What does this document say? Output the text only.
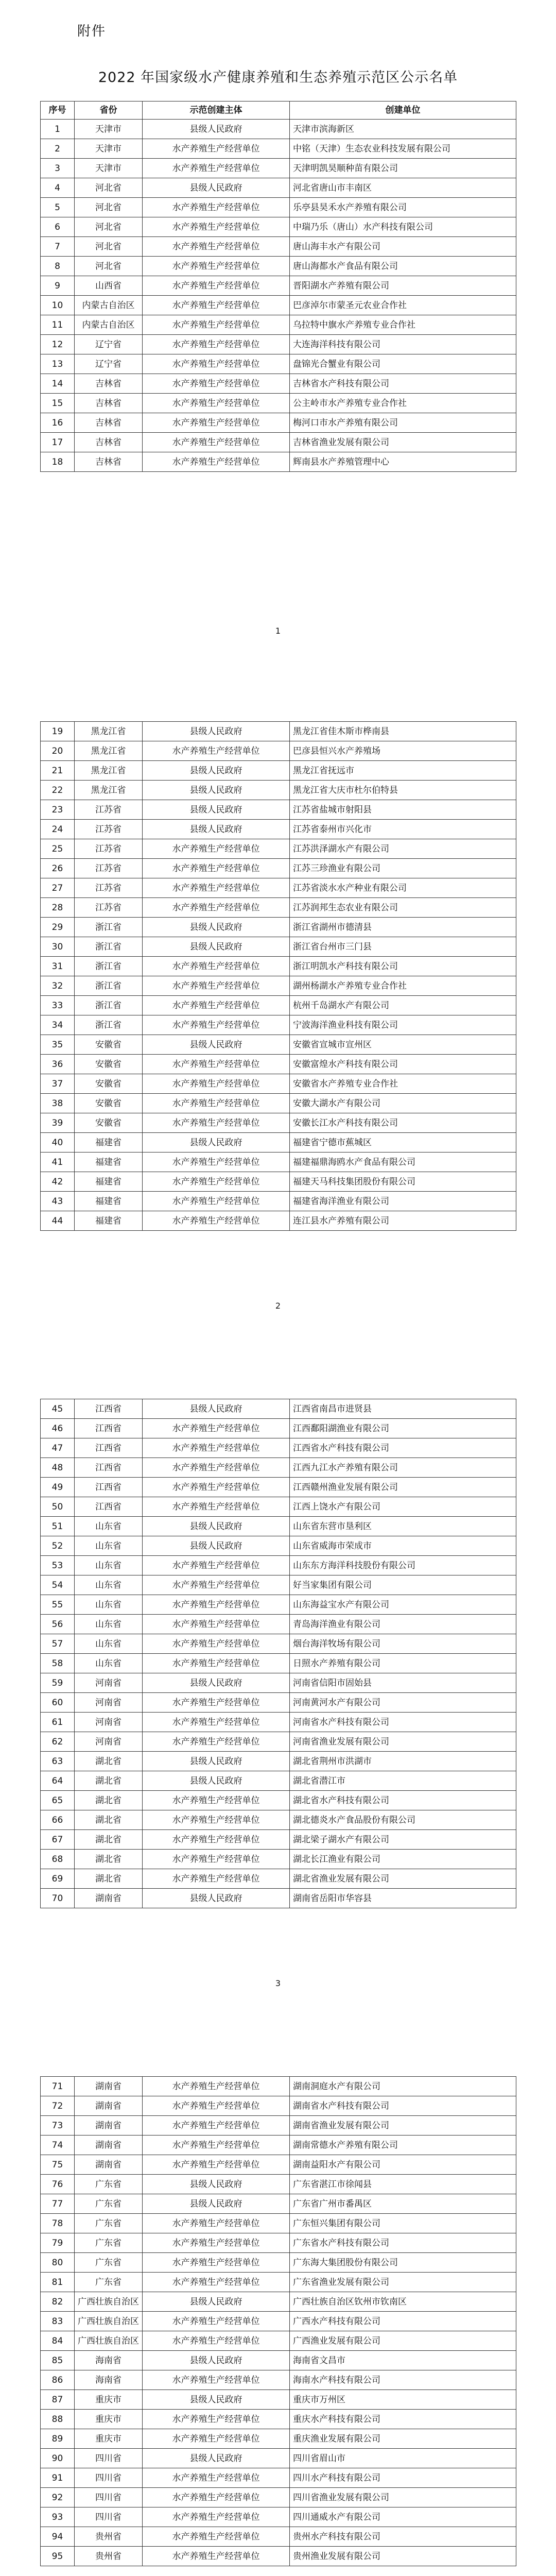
附件
2022 年国家级水产健康养殖和生态养殖示范区公示名单
序号	省份	示范创建主体	创建单位
1	天津市	县级人民政府	天津市滨海新区
2	天津市	水产养殖生产经营单位	中铭（天津）生态农业科技发展有限公司
3	天津市	水产养殖生产经营单位	天津明凯昊顺种苗有限公司
4	河北省	县级人民政府	河北省唐山市丰南区
5	河北省	水产养殖生产经营单位	乐亭县昊禾水产养殖有限公司
6	河北省	水产养殖生产经营单位	中瑞乃乐（唐山）水产科技有限公司
7	河北省	水产养殖生产经营单位	唐山海丰水产有限公司
8	河北省	水产养殖生产经营单位	唐山海都水产食品有限公司
9	山西省	水产养殖生产经营单位	晋阳湖水产养殖有限公司
10	内蒙古自治区	水产养殖生产经营单位	巴彦淖尔市蒙圣元农业合作社
11	内蒙古自治区	水产养殖生产经营单位	乌拉特中旗水产养殖专业合作社
12	辽宁省	水产养殖生产经营单位	大连海洋科技有限公司
13	辽宁省	水产养殖生产经营单位	盘锦光合蟹业有限公司
14	吉林省	水产养殖生产经营单位	吉林省水产科技有限公司
15	吉林省	水产养殖生产经营单位	公主岭市水产养殖专业合作社
16	吉林省	水产养殖生产经营单位	梅河口市水产养殖有限公司
17	吉林省	水产养殖生产经营单位	吉林省渔业发展有限公司
18	吉林省	水产养殖生产经营单位	辉南县水产养殖管理中心
1
19	黑龙江省	县级人民政府	黑龙江省佳木斯市桦南县
20	黑龙江省	水产养殖生产经营单位	巴彦县恒兴水产养殖场
21	黑龙江省	县级人民政府	黑龙江省抚远市
22	黑龙江省	县级人民政府	黑龙江省大庆市杜尔伯特县
23	江苏省	县级人民政府	江苏省盐城市射阳县
24	江苏省	县级人民政府	江苏省泰州市兴化市
25	江苏省	水产养殖生产经营单位	江苏洪泽湖水产有限公司
26	江苏省	水产养殖生产经营单位	江苏三珍渔业有限公司
27	江苏省	水产养殖生产经营单位	江苏省淡水水产种业有限公司
28	江苏省	水产养殖生产经营单位	江苏润邦生态农业有限公司
29	浙江省	县级人民政府	浙江省湖州市德清县
30	浙江省	县级人民政府	浙江省台州市三门县
31	浙江省	水产养殖生产经营单位	浙江明凯水产科技有限公司
32	浙江省	水产养殖生产经营单位	湖州杨湖水产养殖专业合作社
33	浙江省	水产养殖生产经营单位	杭州千岛湖水产有限公司
34	浙江省	水产养殖生产经营单位	宁波海洋渔业科技有限公司
35	安徽省	县级人民政府	安徽省宣城市宣州区
36	安徽省	水产养殖生产经营单位	安徽富煌水产科技有限公司
37	安徽省	水产养殖生产经营单位	安徽省水产养殖专业合作社
38	安徽省	水产养殖生产经营单位	安徽大湖水产有限公司
39	安徽省	水产养殖生产经营单位	安徽长江水产科技有限公司
40	福建省	县级人民政府	福建省宁德市蕉城区
41	福建省	水产养殖生产经营单位	福建福鼎海鸥水产食品有限公司
42	福建省	水产养殖生产经营单位	福建天马科技集团股份有限公司
43	福建省	水产养殖生产经营单位	福建省海洋渔业有限公司
44	福建省	水产养殖生产经营单位	连江县水产养殖有限公司
2
45	江西省	县级人民政府	江西省南昌市进贤县
46	江西省	水产养殖生产经营单位	江西鄱阳湖渔业有限公司
47	江西省	水产养殖生产经营单位	江西省水产科技有限公司
48	江西省	水产养殖生产经营单位	江西九江水产养殖有限公司
49	江西省	水产养殖生产经营单位	江西赣州渔业发展有限公司
50	江西省	水产养殖生产经营单位	江西上饶水产有限公司
51	山东省	县级人民政府	山东省东营市垦利区
52	山东省	县级人民政府	山东省威海市荣成市
53	山东省	水产养殖生产经营单位	山东东方海洋科技股份有限公司
54	山东省	水产养殖生产经营单位	好当家集团有限公司
55	山东省	水产养殖生产经营单位	山东海益宝水产有限公司
56	山东省	水产养殖生产经营单位	青岛海洋渔业有限公司
57	山东省	水产养殖生产经营单位	烟台海洋牧场有限公司
58	山东省	水产养殖生产经营单位	日照水产养殖有限公司
59	河南省	县级人民政府	河南省信阳市固始县
60	河南省	水产养殖生产经营单位	河南黄河水产有限公司
61	河南省	水产养殖生产经营单位	河南省水产科技有限公司
62	河南省	水产养殖生产经营单位	河南省渔业发展有限公司
63	湖北省	县级人民政府	湖北省荆州市洪湖市
64	湖北省	县级人民政府	湖北省潜江市
65	湖北省	水产养殖生产经营单位	湖北省水产科技有限公司
66	湖北省	水产养殖生产经营单位	湖北德炎水产食品股份有限公司
67	湖北省	水产养殖生产经营单位	湖北梁子湖水产有限公司
68	湖北省	水产养殖生产经营单位	湖北长江渔业有限公司
69	湖北省	水产养殖生产经营单位	湖北省渔业发展有限公司
70	湖南省	县级人民政府	湖南省岳阳市华容县
3
71	湖南省	水产养殖生产经营单位	湖南洞庭水产有限公司
72	湖南省	水产养殖生产经营单位	湖南省水产科技有限公司
73	湖南省	水产养殖生产经营单位	湖南省渔业发展有限公司
74	湖南省	水产养殖生产经营单位	湖南常德水产养殖有限公司
75	湖南省	水产养殖生产经营单位	湖南益阳水产有限公司
76	广东省	县级人民政府	广东省湛江市徐闻县
77	广东省	县级人民政府	广东省广州市番禺区
78	广东省	水产养殖生产经营单位	广东恒兴集团有限公司
79	广东省	水产养殖生产经营单位	广东省水产科技有限公司
80	广东省	水产养殖生产经营单位	广东海大集团股份有限公司
81	广东省	水产养殖生产经营单位	广东省渔业发展有限公司
82	广西壮族自治区	县级人民政府	广西壮族自治区钦州市钦南区
83	广西壮族自治区	水产养殖生产经营单位	广西水产科技有限公司
84	广西壮族自治区	水产养殖生产经营单位	广西渔业发展有限公司
85	海南省	县级人民政府	海南省文昌市
86	海南省	水产养殖生产经营单位	海南水产科技有限公司
87	重庆市	县级人民政府	重庆市万州区
88	重庆市	水产养殖生产经营单位	重庆水产科技有限公司
89	重庆市	水产养殖生产经营单位	重庆渔业发展有限公司
90	四川省	县级人民政府	四川省眉山市
91	四川省	水产养殖生产经营单位	四川水产科技有限公司
92	四川省	水产养殖生产经营单位	四川省渔业发展有限公司
93	四川省	水产养殖生产经营单位	四川通威水产有限公司
94	贵州省	水产养殖生产经营单位	贵州水产科技有限公司
95	贵州省	水产养殖生产经营单位	贵州渔业发展有限公司
